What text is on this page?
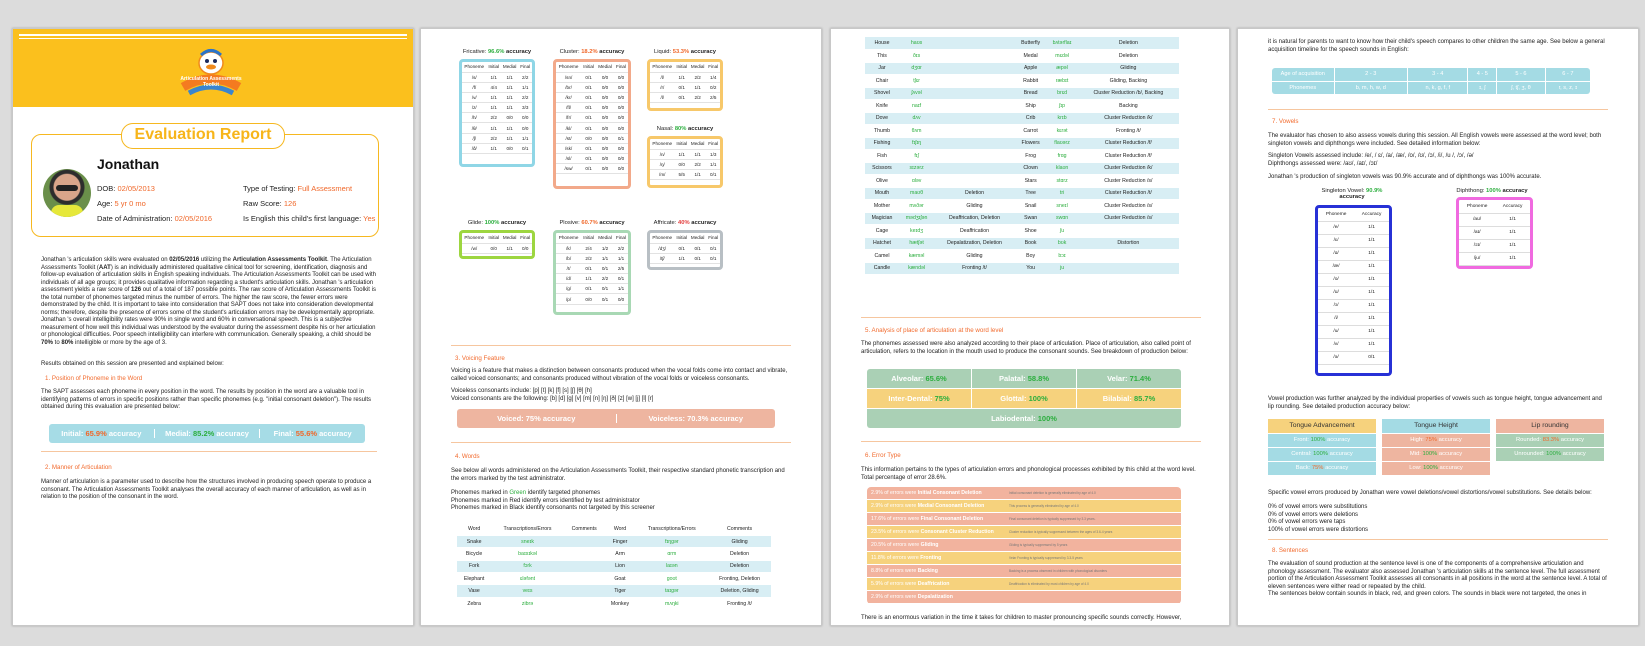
Articulation Assessments Toolkit
Evaluation Report
Jonathan
DOB: 02/05/2013
Age: 5 yr 0 mo
Date of Administration: 02/05/2016
Type of Testing: Full Assessment
Raw Score: 126
Is English this child's first language: Yes

Jonathan 's articulation skills were evaluated on 02/05/2016 utilizing the Articulation Assessments Toolkit. The Articulation Assessments Toolkit (AAT) is an individually administered qualitative clinical tool for screening, identification, diagnosis and follow-up evaluation of articulation skills in English speaking individuals. The Articulation Assessments Toolkit can be used with individuals of all age groups; it provides qualitative information regarding a student's articulation skills. Jonathan 's articulation assessment yields a raw score of 126 out of a total of 187 possible points. The raw score of Articulation Assessments Toolkit is the total number of phonemes targeted minus the number of errors. The higher the raw score, the fewer errors were demonstrated by the child. It is important to take into consideration that SAPT does not take into consideration developmental norms; therefore, despite the presence of errors some of the student's articulation errors may be developmentally appropriate. Jonathan 's overall intelligibility rates were 90% in single word and 60% in conversational speech. This is a subjective measurement of how well this individual was understood by the evaluator during the assessment despite his or her articulation or phonological difficulties. Poor speech intelligibility can interfere with communication. Generally speaking, a child should be 70% to 80% intelligible or more by the age of 3.

Results obtained on this session are presented and explained below:

1. Position of Phoneme in the Word

The SAPT assesses each phoneme in every position in the word. The results by position in the word are a valuable tool in identifying patterns of errors in specific positions rather than specific phonemes (e.g. "initial consonant deletion"). The results obtained during this evaluation are presented below:

Initial: 65.9% accuracy	Medial: 85.2% accuracy	Final: 55.6% accuracy
2. Manner of Articulation

Manner of articulation is a parameter used to describe how the structures involved in producing speech operate to produce a consonant. The Articulation Assessments Toolkit analyses the overall accuracy of each manner of articulation, as well as in relation to the position of the consonant in the word.

Fricative: 96.6% accuracy
Phoneme	Initial	Medial	Final
/s/	1/1	1/1	2/2
/f/	4/4	1/1	1/1
/v/	1/1	1/1	2/2
/z/	1/1	1/1	3/3
/h/	2/2	0/0	0/0
/θ/	1/1	1/1	0/0
/ʃ/	2/2	1/1	1/1
/ð/	1/1	0/0	0/1
Cluster: 18.2% accuracy
Phoneme	Initial	Medial	Final
/sn/	0/1	0/0	0/0
/br/	0/1	0/0	0/0
/kr/	0/1	0/0	0/0
/fl/	0/1	0/0	0/0
/fr/	0/1	0/0	0/0
/kl/	0/1	0/0	0/0
/st/	0/0	0/0	0/1
/sk/	0/1	0/0	0/0
/sl/	0/1	0/0	0/0
/sw/	0/1	0/0	0/0
Liquid: 53.3% accuracy
Phoneme	Initial	Medial	Final
/l/	1/1	2/2	1/4
/r/	0/1	1/1	0/2
/l/	0/1	2/2	2/5
Nasal: 80% accuracy
Phoneme	Initial	Medial	Final
/n/	1/1	1/1	1/3
/ŋ/	0/0	2/2	1/1
/m/	5/5	1/1	0/1
Glide: 100% accuracy
Phoneme	Initial	Medial	Final
/w/	0/0	1/1	0/0
Plosive: 60.7% accuracy
Phoneme	Initial	Medial	Final
/k/	2/4	1/2	2/2
/b/	2/2	1/1	1/1
/t/	0/1	0/1	2/5
/d/	1/1	2/2	0/1
/g/	0/1	0/1	1/1
/p/	0/0	0/1	0/0
Affricate: 40% accuracy
Phoneme	Initial	Medial	Final
/dʒ/	0/1	0/1	0/1
/tʃ/	1/1	0/1	0/1
3. Voicing Feature

Voicing is a feature that makes a distinction between consonants produced when the vocal folds come into contact and vibrate, called voiced consonants; and consonants produced without vibration of the vocal folds or voiceless consonants.

Voiceless consonants include: [p] [t] [k] [f] [s] [ʃ] [θ] [h]

Voiced consonants are the following: [b] [d] [g] [v] [m] [n] [ŋ] [ð] [z] [w] [j] [l] [r]

Voiced: 75% accuracy	Voiceless: 70.3% accuracy
4. Words

See below all words administered on the Articulation Assessments Toolkit, their respective standard phonetic transcription and the errors marked by the test administrator.

Phonemes marked in Green identify targeted phonemes

Phonemes marked in Red identify errors identified by test administrator

Phonemes marked in Black identify consonants not targeted by this screener

Word	Transcriptions/Errors	Comments	Word	Transcriptions/Errors	Comments
Snake	sneɪk		Finger	fɪŋgər	Gliding
Bicycle	baɪsɪkəl		Arm	ɑrm	Deletion
Fork	fɔrk		Lion	laɪən	Deletion
Elephant	ɛləfənt		Goat	goʊt	Fronting, Deletion
Vase	veɪs		Tiger	taɪgər	Deletion, Gliding
Zebra	zibrə		Monkey	mʌŋki	Fronting /t/
House	haʊs		Butterfly	bʌtərflaɪ	Deletion
This	ðɪs		Medal	mɛdəl	Deletion
Jar	dʒɑr		Apple	æpəl	Gliding
Chair	tʃɛr		Rabbit	ræbɪt	Gliding, Backing
Shovel	ʃʌvəl		Bread	brɛd	Cluster Reduction /b/, Backing
Knife	naɪf		Ship	ʃɪp	Backing
Dove	dʌv		Crib	krɪb	Cluster Reduction /k/
Thumb	θʌm		Carrot	kɛrət	Fronting /t/
Fishing	fɪʃɪŋ		Flowers	flaʊərz	Cluster Reduction /f/
Fish	fɪʃ		Frog	frɑg	Cluster Reduction /f/
Scissors	sɪzərz		Clown	klaʊn	Cluster Reduction /k/
Olive	ɑləv		Stars	stɑrz	Cluster Reduction /s/
Mouth	maʊθ	Deletion	Tree	tri	Cluster Reduction /t/
Mother	mʌðər	Gliding	Snail	sneɪl	Cluster Reduction /s/
Magician	mədʒɪʃən	Deaffrication, Deletion	Swan	swɑn	Cluster Reduction /s/
Cage	keɪdʒ	Deaffrication	Shoe	ʃu	
Hatchet	hætʃət	Depalatization, Deletion	Book	bʊk	Distortion
Camel	kæməl	Gliding	Boy	bɔɪ	
Candle	kændəl	Fronting /t/	You	ju	
5. Analysis of place of articulation at the word level

The phonemes assessed were also analyzed according to their place of articulation. Place of articulation, also called point of articulation, refers to the location in the mouth used to produce the consonant sounds. See breakdown of production below:

Alveolar: 65.6%	Palatal: 58.8%	Velar: 71.4%
Inter-Dental: 75%	Glottal: 100%	Bilabial: 85.7%
Labiodental: 100%
6. Error Type

This information pertains to the types of articulation errors and phonological processes exhibited by this child at the word level. Total percentage of error 28.6%.

2.9% of errors were Initial Consonant Deletion	Initial consonant deletion is generally eliminated by age of 4.0
2.9% of errors were Medial Consonant Deletion	This process is generally eliminated by age of 4.0
17.6% of errors were Final Consonant Deletion	Final consonant deletion is typically suppressed by 3.3 years.
23.5% of errors were Consonant Cluster Reduction	Cluster reduction is typically suppressed between the ages of 3.6-4 years
20.5% of errors were Gliding	Gliding is typically suppressed by 5 years
11.8% of errors were Fronting	Velar Fronting is typically suppressed by 3.3-5 years
8.8% of errors were Backing	Backing is a process observed in children with phonological disorders
5.9% of errors were Deaffrication	Deaffrication is eliminated by most children by age of 4.0
2.9% of errors were Depalatization	

There is an enormous variation in the time it takes for children to master pronouncing specific sounds correctly. However,

it is natural for parents to want to know how their child's speech compares to other children the same age. See below a general acquisition timeline for the speech sounds in English:

Age of acquisition	2 - 3	3 - 4	4 - 5	5 - 6	6 - 7
Phonemes	b, m, h, w, d	n, k, g, f, f	ɪ, ʃ	ʃ, tʃ, ʒ, θ	r, s, z, ɪ
7. Vowels

The evaluator has chosen to also assess vowels during this session. All English vowels were assessed at the word level; both singleton vowels and diphthongs were included. See detailed information below:

Singleton Vowels assessed include: /e/, / ɛ/, /a/, /æ/, /o/, /ʊ/, /ɔ/, /i/, /u /, /ɔ/, /ə/

Diphthongs assessed were: /aʊ/, /aɪ/, /ɔɪ/

Jonathan 's production of singleton vowels was 90.9% accurate and of diphthongs was 100% accurate.

Singleton Vowel: 90.9% accuracy
Phoneme	Accuracy
/e/	1/1
/ɛ/	1/1
/ɑ/	1/1
/æ/	1/1
/o/	1/1
/ʊ/	1/1
/ɔ/	1/1
/i/	1/1
/u/	1/1
/ʌ/	1/1
/ə/	0/1
Diphthong: 100% accuracy
Phoneme	Accuracy
/aʊ/	1/1
/aɪ/	1/1
/ɔɪ/	1/1
/ju/	1/1

Vowel production was further analyzed by the individual properties of vowels such as tongue height, tongue advancement and lip rounding. See detailed production accuracy below:

Tongue Advancement
Front: 100% accuracy
Central: 100% accuracy
Back: 75% accuracy
Tongue Height
High: 75% accuracy
Mid: 100% accuracy
Low: 100% accuracy
Lip rounding
Rounded: 83.3% accuracy
Unrounded: 100% accuracy

Specific vowel errors produced by Jonathan were vowel deletions/vowel distortions/vowel substitutions. See details below:

0% of vowel errors were substitutions

0% of vowel errors were deletions

0% of vowel errors were taps

100% of vowel errors were distortions

8. Sentences

The evaluation of sound production at the sentence level is one of the components of a comprehensive articulation and phonology assessment. The evaluator also assessed Jonathan 's articulation skills at the sentence level. The full assessment portion of the Articulation Assessment Toolkit assesses all consonants in all positions in the word at the sentence level. A total of eleven sentences were either read or repeated by the child.

The sentences below contain sounds in black, red, and green colors. The sounds in black were not targeted, the ones in
